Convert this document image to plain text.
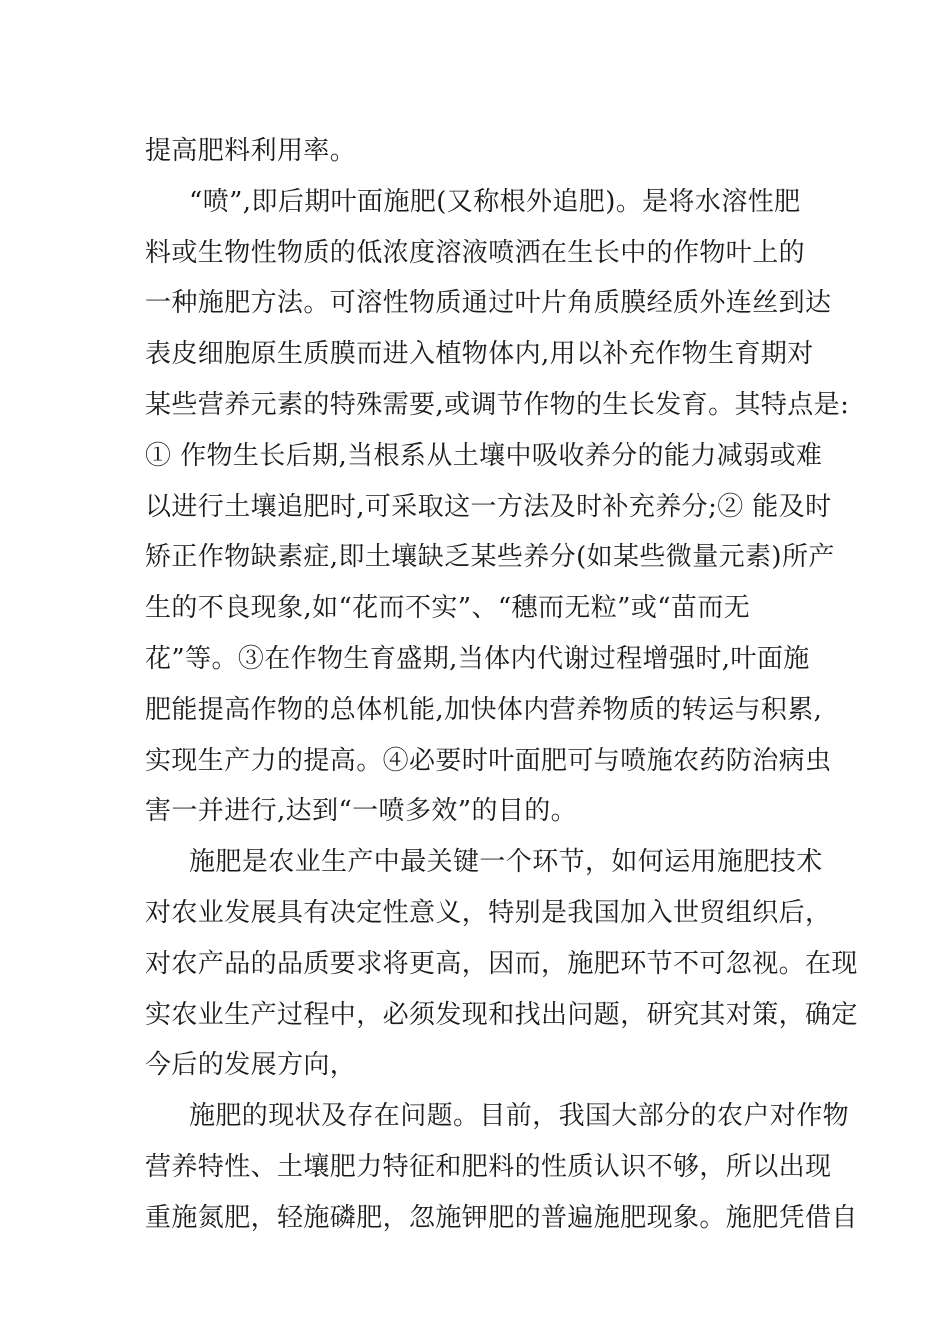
提高肥料利用率。
“喷”,即后期叶面施肥(又称根外追肥)。是将水溶性肥
料或生物性物质的低浓度溶液喷洒在生长中的作物叶上的
一种施肥方法。可溶性物质通过叶片角质膜经质外连丝到达
表皮细胞原生质膜而进入植物体内,用以补充作物生育期对
某些营养元素的特殊需要,或调节作物的生长发育。其特点是:
① 作物生长后期,当根系从土壤中吸收养分的能力减弱或难
以进行土壤追肥时,可采取这一方法及时补充养分;② 能及时
矫正作物缺素症,即土壤缺乏某些养分(如某些微量元素)所产
生的不良现象,如“花而不实”、“穗而无粒”或“苗而无
花”等。③在作物生育盛期,当体内代谢过程增强时,叶面施
肥能提高作物的总体机能,加快体内营养物质的转运与积累,
实现生产力的提高。④必要时叶面肥可与喷施农药防治病虫
害一并进行,达到“一喷多效”的目的。
施肥是农业生产中最关键一个环节，如何运用施肥技术
对农业发展具有决定性意义，特别是我国加入世贸组织后，
对农产品的品质要求将更高，因而，施肥环节不可忽视。在现
实农业生产过程中，必须发现和找出问题，研究其对策，确定
今后的发展方向，
施肥的现状及存在问题。目前，我国大部分的农户对作物
营养特性、土壤肥力特征和肥料的性质认识不够，所以出现
重施氮肥，轻施磷肥，忽施钾肥的普遍施肥现象。施肥凭借自
